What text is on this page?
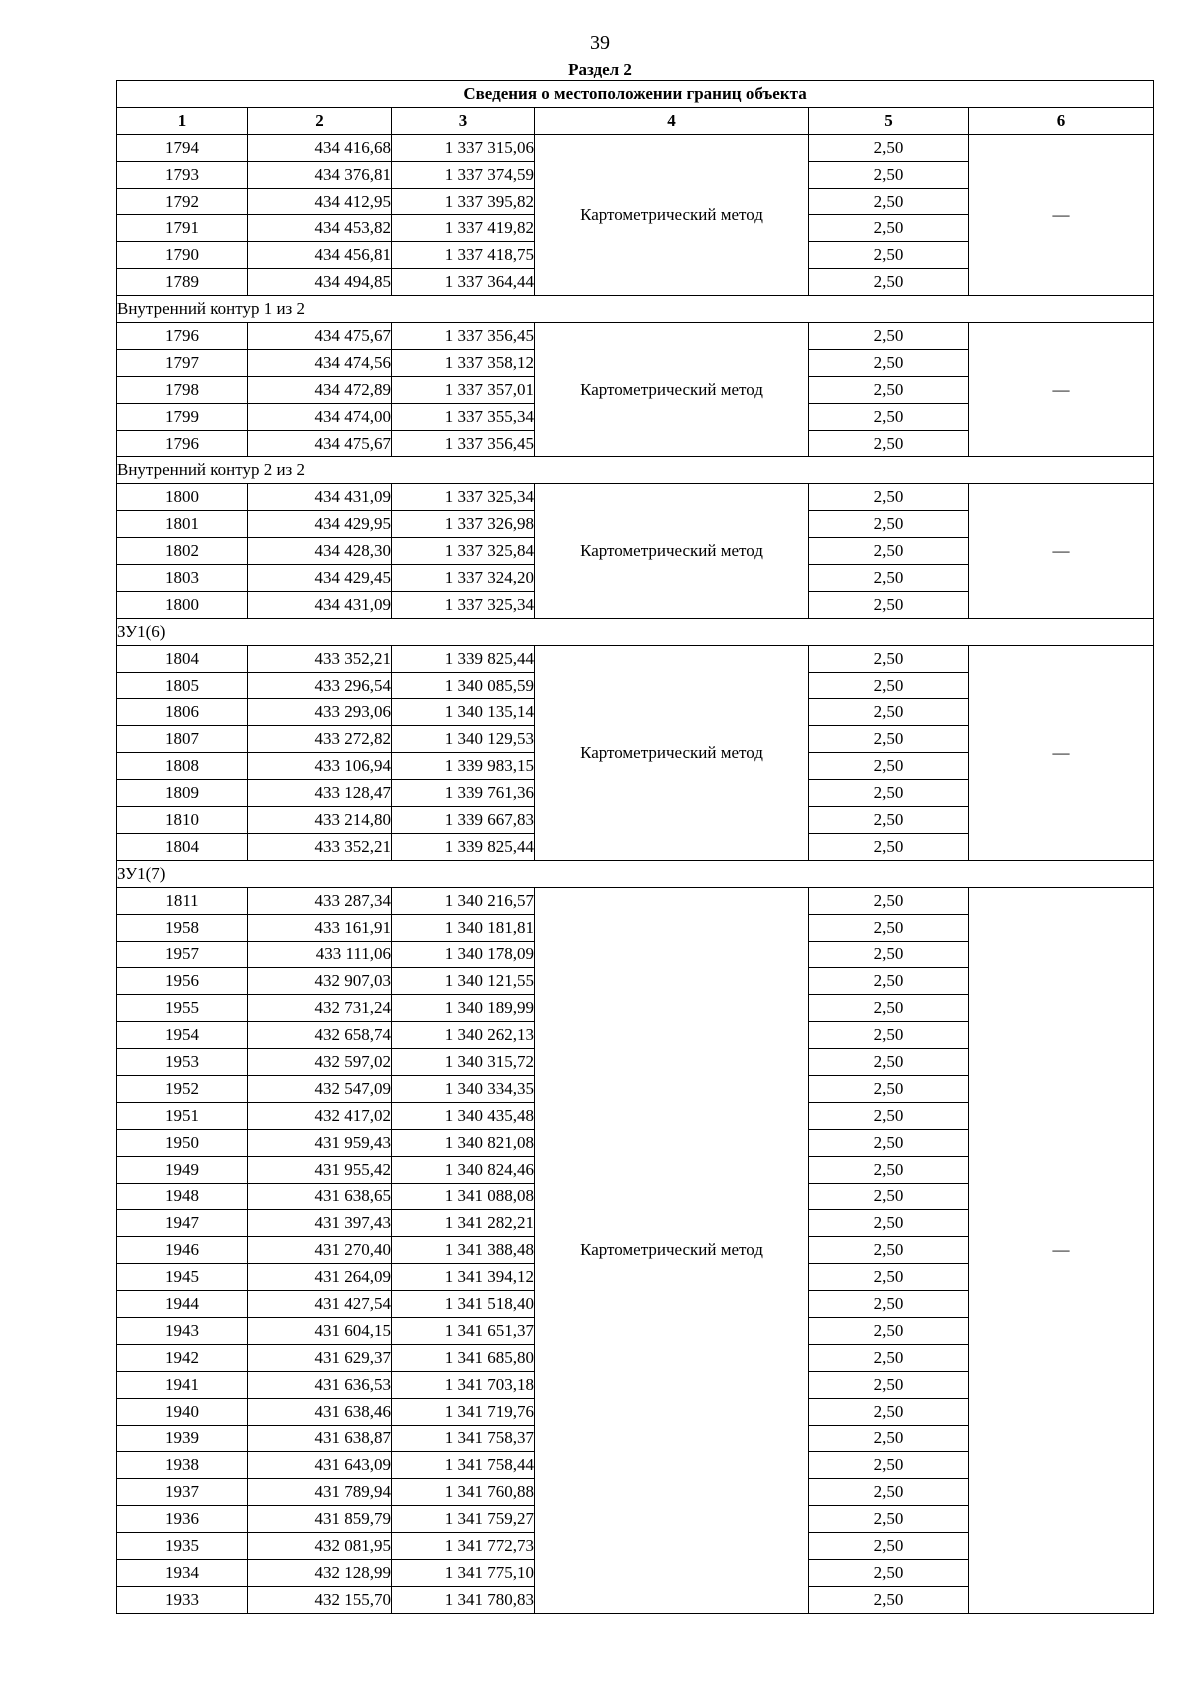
39
Раздел 2
Сведения о местоположении границ объекта					
1	2	3	4	5	6
1794	434 416,68	1 337 315,06	Картометрический метод	2,50	—
1793	434 376,81	1 337 374,59		2,50	
1792	434 412,95	1 337 395,82		2,50	
1791	434 453,82	1 337 419,82		2,50	
1790	434 456,81	1 337 418,75		2,50	
1789	434 494,85	1 337 364,44		2,50	
Внутренний контур 1 из 2					
1796	434 475,67	1 337 356,45	Картометрический метод	2,50	—
1797	434 474,56	1 337 358,12		2,50	
1798	434 472,89	1 337 357,01		2,50	
1799	434 474,00	1 337 355,34		2,50	
1796	434 475,67	1 337 356,45		2,50	
Внутренний контур 2 из 2					
1800	434 431,09	1 337 325,34	Картометрический метод	2,50	—
1801	434 429,95	1 337 326,98		2,50	
1802	434 428,30	1 337 325,84		2,50	
1803	434 429,45	1 337 324,20		2,50	
1800	434 431,09	1 337 325,34		2,50	
ЗУ1(6)					
1804	433 352,21	1 339 825,44	Картометрический метод	2,50	—
1805	433 296,54	1 340 085,59		2,50	
1806	433 293,06	1 340 135,14		2,50	
1807	433 272,82	1 340 129,53		2,50	
1808	433 106,94	1 339 983,15		2,50	
1809	433 128,47	1 339 761,36		2,50	
1810	433 214,80	1 339 667,83		2,50	
1804	433 352,21	1 339 825,44		2,50	
ЗУ1(7)					
1811	433 287,34	1 340 216,57	Картометрический метод	2,50	—
1958	433 161,91	1 340 181,81		2,50	
1957	433 111,06	1 340 178,09		2,50	
1956	432 907,03	1 340 121,55		2,50	
1955	432 731,24	1 340 189,99		2,50	
1954	432 658,74	1 340 262,13		2,50	
1953	432 597,02	1 340 315,72		2,50	
1952	432 547,09	1 340 334,35		2,50	
1951	432 417,02	1 340 435,48		2,50	
1950	431 959,43	1 340 821,08		2,50	
1949	431 955,42	1 340 824,46		2,50	
1948	431 638,65	1 341 088,08		2,50	
1947	431 397,43	1 341 282,21		2,50	
1946	431 270,40	1 341 388,48		2,50	
1945	431 264,09	1 341 394,12		2,50	
1944	431 427,54	1 341 518,40		2,50	
1943	431 604,15	1 341 651,37		2,50	
1942	431 629,37	1 341 685,80		2,50	
1941	431 636,53	1 341 703,18		2,50	
1940	431 638,46	1 341 719,76		2,50	
1939	431 638,87	1 341 758,37		2,50	
1938	431 643,09	1 341 758,44		2,50	
1937	431 789,94	1 341 760,88		2,50	
1936	431 859,79	1 341 759,27		2,50	
1935	432 081,95	1 341 772,73		2,50	
1934	432 128,99	1 341 775,10		2,50	
1933	432 155,70	1 341 780,83		2,50	
